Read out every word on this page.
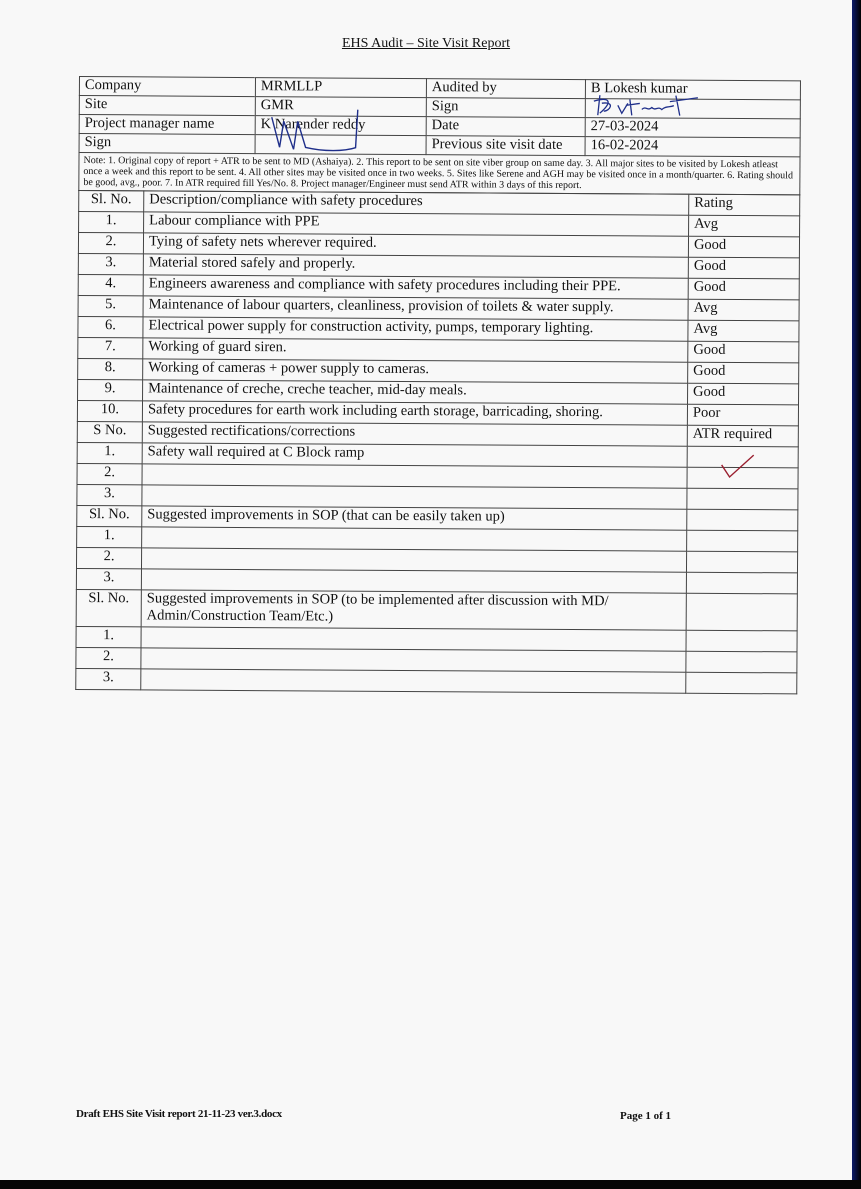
EHS Audit – Site Visit Report
Company	MRMLLP	Audited by	B Lokesh kumar
Site	GMR	Sign	

Project manager name	K Narender reddy	Date	27-03-2024
Sign		Previous site visit date	16-02-2024
Note: 1. Original copy of report + ATR to be sent to MD (Ashaiya). 2. This report to be sent on site viber group on same day. 3. All major sites to be visited by Lokesh atleast once a week and this report to be sent. 4. All other sites may be visited once in two weeks. 5. Sites like Serene and AGH may be visited once in a month/quarter. 6. Rating should be good, avg., poor. 7. In ATR required fill Yes/No. 8. Project manager/Engineer must send ATR within 3 days of this report.			
Sl. No.	Description/compliance with safety procedures	Rating
1.	Labour compliance with PPE	Avg
2.	Tying of safety nets wherever required.	Good
3.	Material stored safely and properly.	Good
4.	Engineers awareness and compliance with safety procedures including their PPE.	Good
5.	Maintenance of labour quarters, cleanliness, provision of toilets & water supply.	Avg
6.	Electrical power supply for construction activity, pumps, temporary lighting.	Avg
7.	Working of guard siren.	Good
8.	Working of cameras + power supply to cameras.	Good
9.	Maintenance of creche, creche teacher, mid-day meals.	Good
10.	Safety procedures for earth work including earth storage, barricading, shoring.	Poor
S No.	Suggested rectifications/corrections	ATR required
1.	Safety wall required at C Block ramp	

2.		
3.		
Sl. No.	Suggested improvements in SOP (that can be easily taken up)	
1.		
2.		
3.		
Sl. No.	Suggested improvements in SOP (to be implemented after discussion with MD/ Admin/Construction Team/Etc.)	
1.		
2.		
3.		
Draft EHS Site Visit report 21-11-23 ver.3.docx	Page 1 of 1
